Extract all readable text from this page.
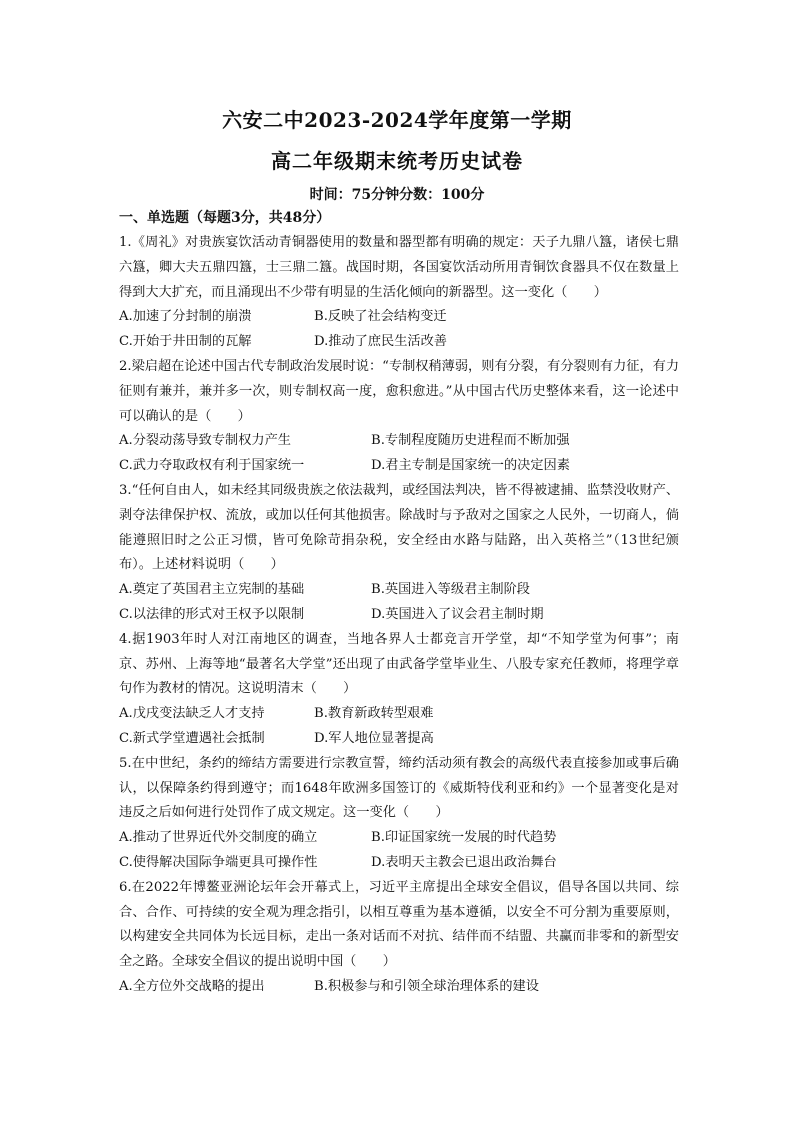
六安二中2023-2024学年度第一学期
高二年级期末统考历史试卷
时间：75分钟分数：100分
一、单选题（每题3分，共48分）
1.《周礼》对贵族宴饮活动青铜器使用的数量和器型都有明确的规定：天子九鼎八簋，诸侯七鼎六簋，卿大夫五鼎四簋，士三鼎二簋。战国时期，各国宴饮活动所用青铜饮食器具不仅在数量上得到大大扩充，而且涌现出不少带有明显的生活化倾向的新器型。这一变化（　　）
A.加速了分封制的崩溃	B.反映了社会结构变迁
C.开始于井田制的瓦解	D.推动了庶民生活改善
2.梁启超在论述中国古代专制政治发展时说：“专制权稍薄弱，则有分裂，有分裂则有力征，有力征则有兼并，兼并多一次，则专制权高一度，愈积愈进。”从中国古代历史整体来看，这一论述中可以确认的是（　　）
A.分裂动荡导致专制权力产生	B.专制程度随历史进程而不断加强
C.武力夺取政权有利于国家统一	D.君主专制是国家统一的决定因素
3.“任何自由人，如未经其同级贵族之依法裁判，或经国法判决，皆不得被逮捕、监禁没收财产、剥夺法律保护权、流放，或加以任何其他损害。除战时与予敌对之国家之人民外，一切商人，倘能遵照旧时之公正习惯，皆可免除苛捐杂税，安全经由水路与陆路，出入英格兰”（13世纪颁布）。上述材料说明（　　）
A.奠定了英国君主立宪制的基础	B.英国进入等级君主制阶段
C.以法律的形式对王权予以限制	D.英国进入了议会君主制时期
4.据1903年时人对江南地区的调查，当地各界人士都竞言开学堂，却“不知学堂为何事”；南京、苏州、上海等地“最著名大学堂”还出现了由武备学堂毕业生、八股专家充任教师，将理学章句作为教材的情况。这说明清末（　　）
A.戊戌变法缺乏人才支持	B.教育新政转型艰难
C.新式学堂遭遇社会抵制	D.军人地位显著提高
5.在中世纪，条约的缔结方需要进行宗教宣誓，缔约活动须有教会的高级代表直接参加或事后确认，以保障条约得到遵守；而1648年欧洲多国签订的《威斯特伐利亚和约》一个显著变化是对违反之后如何进行处罚作了成文规定。这一变化（　　）
A.推动了世界近代外交制度的确立	B.印证国家统一发展的时代趋势
C.使得解决国际争端更具可操作性	D.表明天主教会已退出政治舞台
6.在2022年博鳌亚洲论坛年会开幕式上，习近平主席提出全球安全倡议，倡导各国以共同、综合、合作、可持续的安全观为理念指引，以相互尊重为基本遵循，以安全不可分割为重要原则，以构建安全共同体为长远目标，走出一条对话而不对抗、结伴而不结盟、共赢而非零和的新型安全之路。全球安全倡议的提出说明中国（　　）
A.全方位外交战略的提出	B.积极参与和引领全球治理体系的建设
